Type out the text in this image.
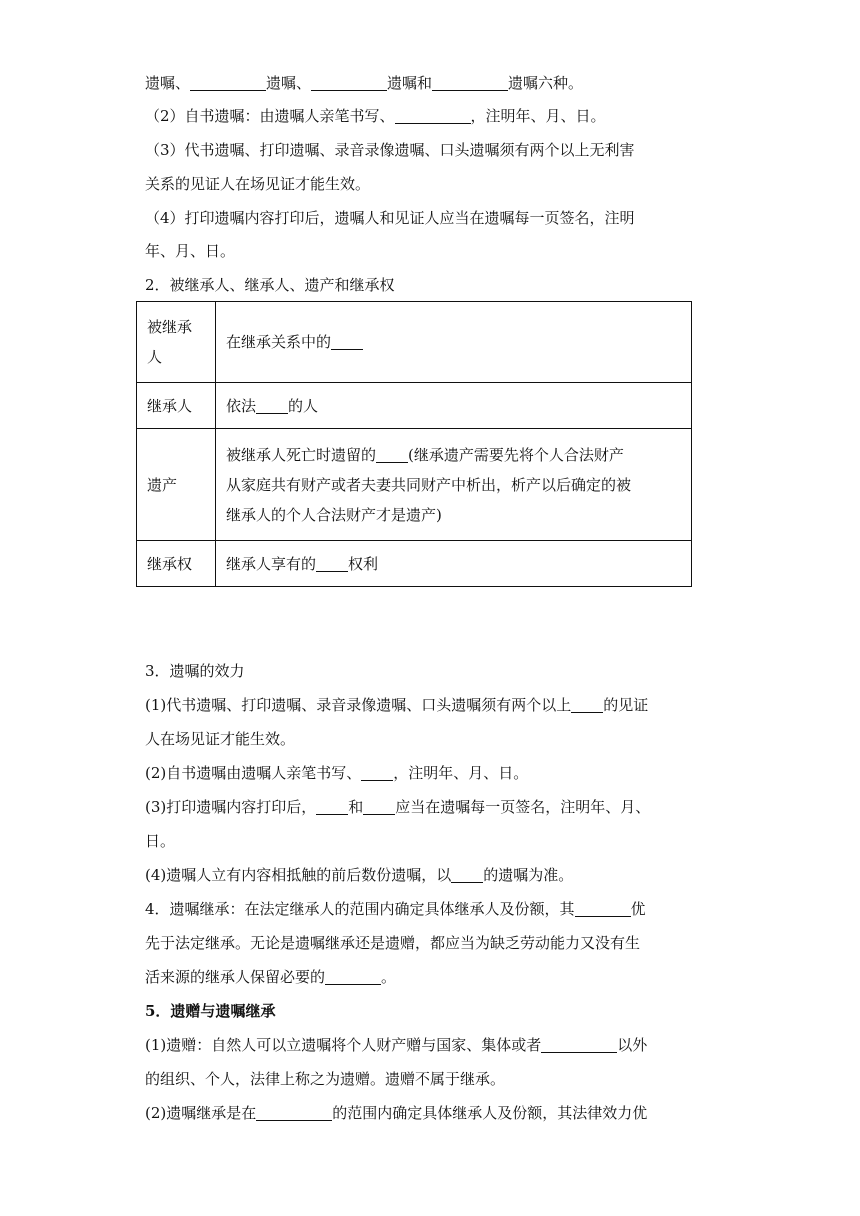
遗嘱、	遗嘱、	遗嘱和	遗嘱六种。
（2）自书遗嘱：由遗嘱人亲笔书写、	，注明年、月、日。
（3）代书遗嘱、打印遗嘱、录音录像遗嘱、口头遗嘱须有两个以上无利害
关系的见证人在场见证才能生效。
（4）打印遗嘱内容打印后，遗嘱人和见证人应当在遗嘱每一页签名，注明
年、月、日。
2．被继承人、继承人、遗产和继承权
被继承
人	在继承关系中的
继承人	依法 的人
遗产	被继承人死亡时遗留的 (继承遗产需要先将个人合法财产
从家庭共有财产或者夫妻共同财产中析出，析产以后确定的被
继承人的个人合法财产才是遗产)

继承权	继承人享有的 权利
3．遗嘱的效力
(1)代书遗嘱、打印遗嘱、录音录像遗嘱、口头遗嘱须有两个以上 的见证
人在场见证才能生效。
(2)自书遗嘱由遗嘱人亲笔书写、 ，注明年、月、日。
(3)打印遗嘱内容打印后， 和 应当在遗嘱每一页签名，注明年、月、
日。
(4)遗嘱人立有内容相抵触的前后数份遗嘱，以 的遗嘱为准。
4．遗嘱继承：在法定继承人的范围内确定具体继承人及份额，其	优
先于法定继承。无论是遗嘱继承还是遗赠，都应当为缺乏劳动能力又没有生
活来源的继承人保留必要的	。
5．遗赠与遗嘱继承
(1)遗赠：自然人可以立遗嘱将个人财产赠与国家、集体或者	以外
的组织、个人，法律上称之为遗赠。遗赠不属于继承。
(2)遗嘱继承是在	的范围内确定具体继承人及份额，其法律效力优
